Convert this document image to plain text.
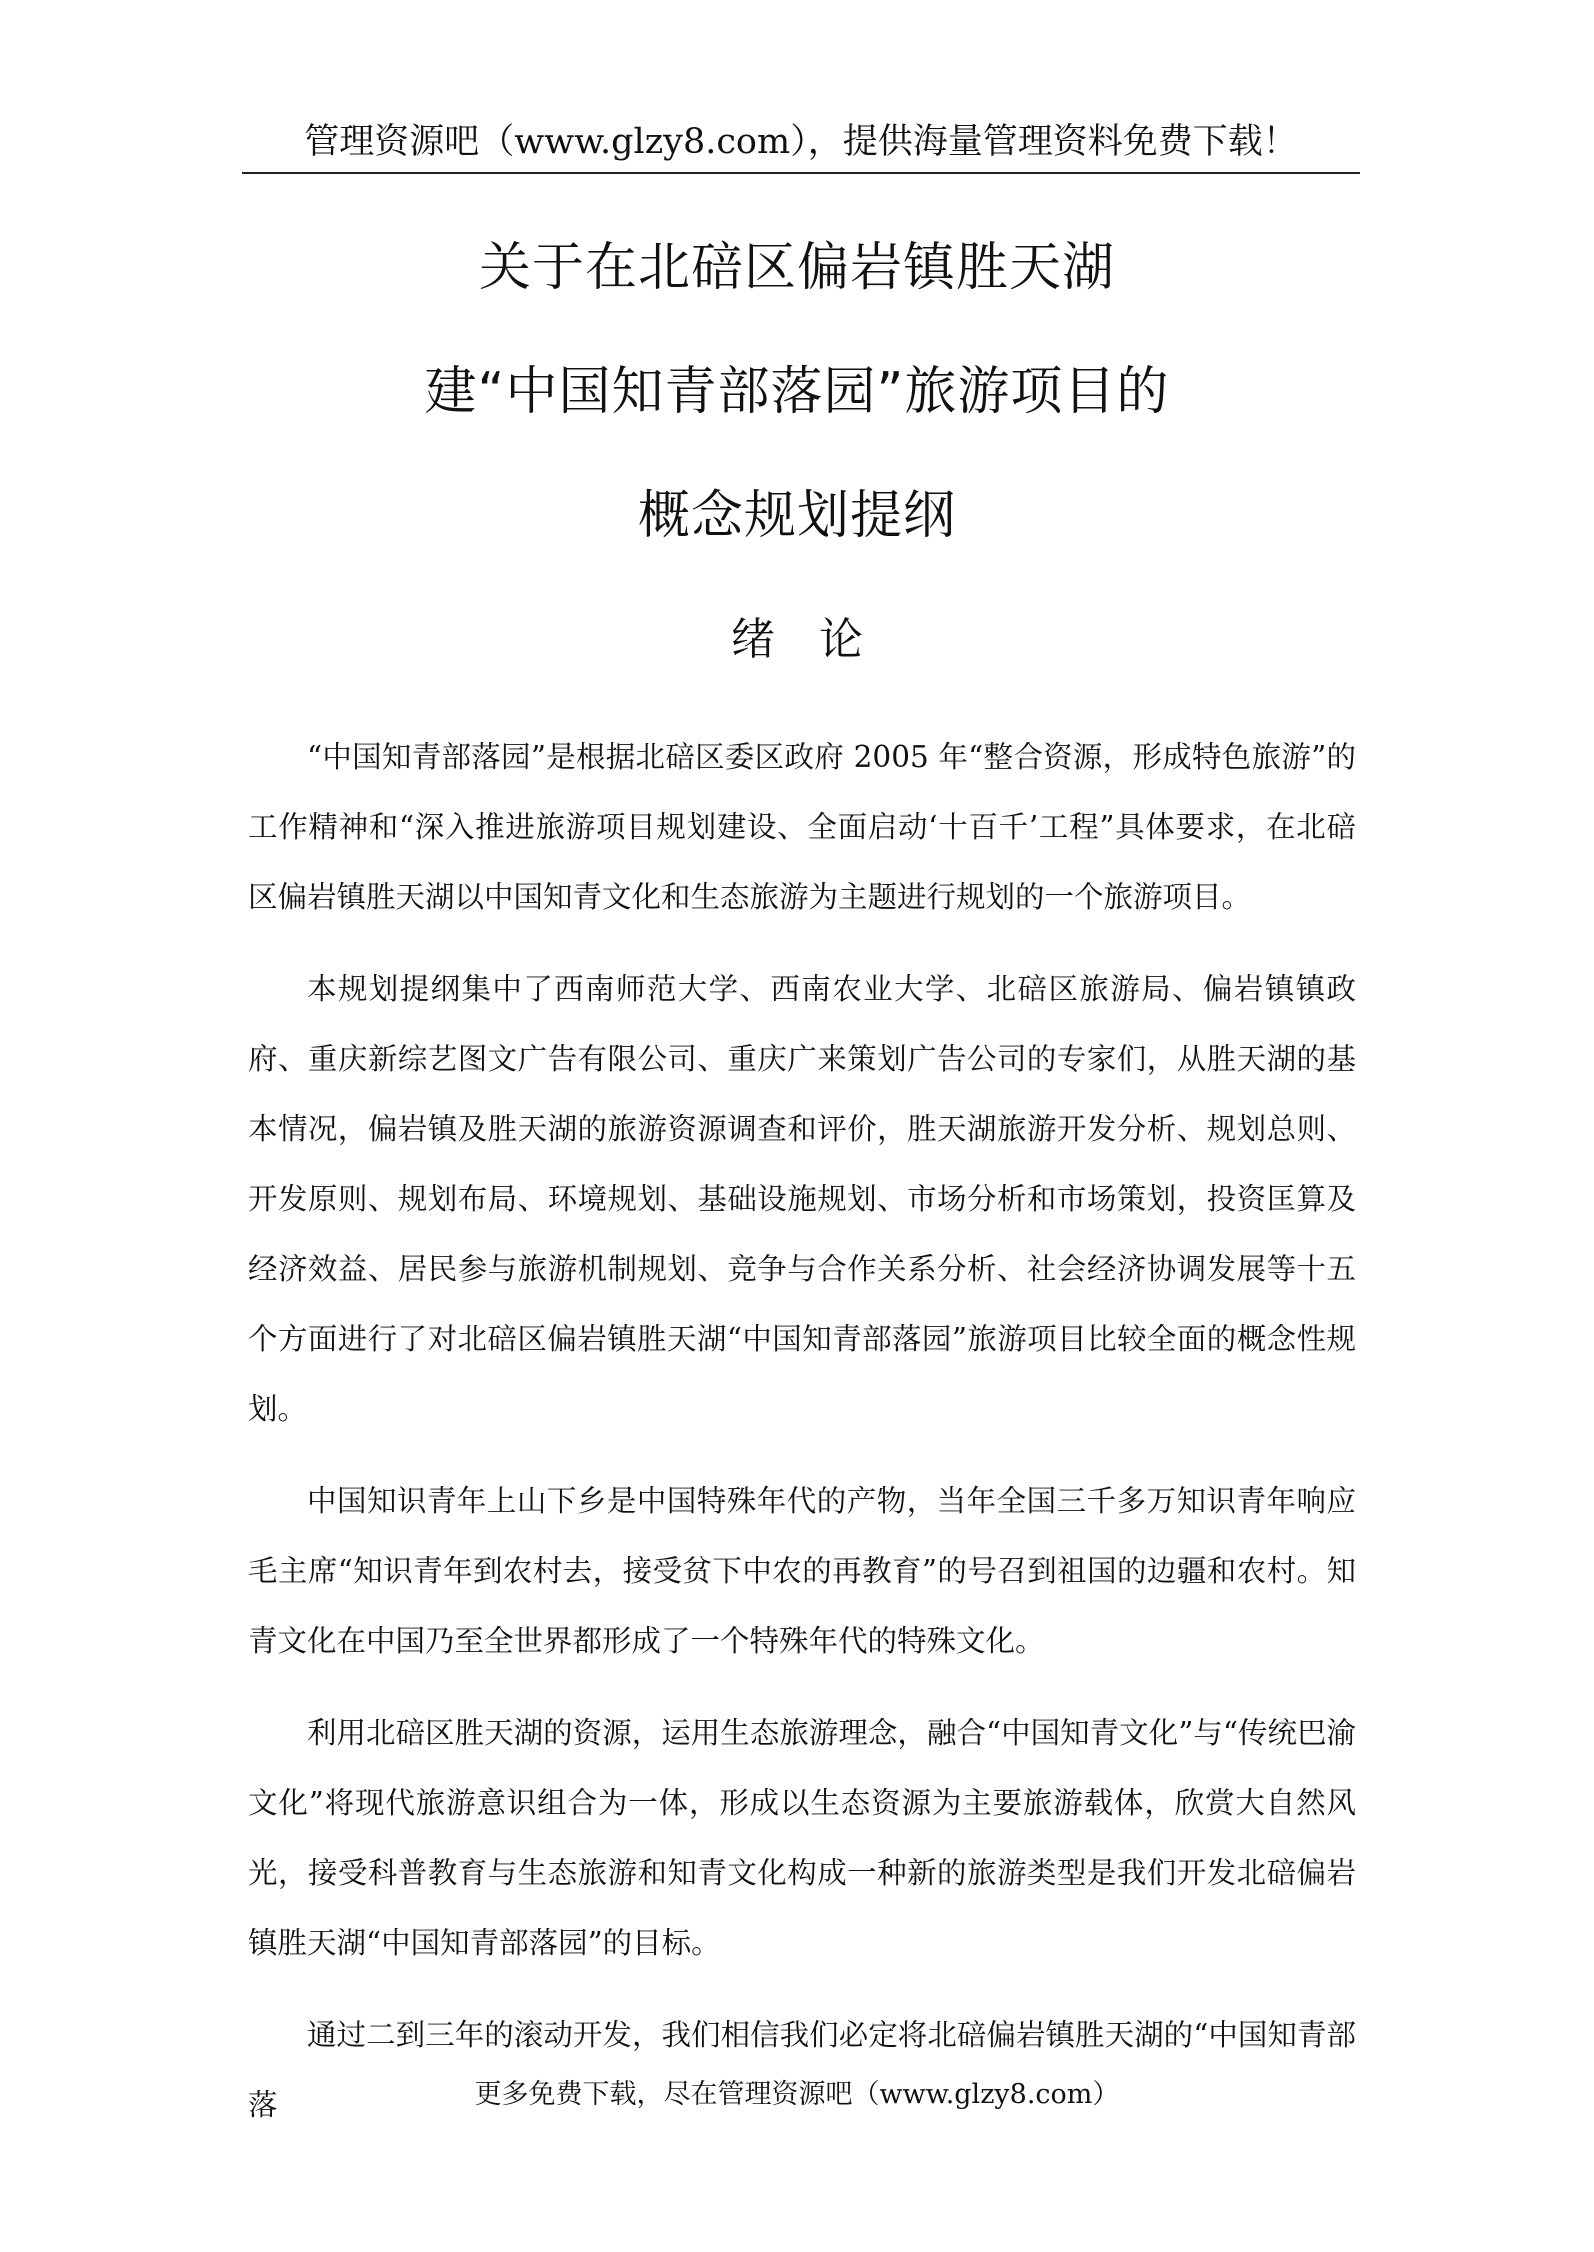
管理资源吧（www.glzy8.com），提供海量管理资料免费下载！
关于在北碚区偏岩镇胜天湖
建“中国知青部落园”旅游项目的
概念规划提纲
绪论

“中国知青部落园”是根据北碚区委区政府 2005 年“整合资源，形成特色旅游”的工作精神和“深入推进旅游项目规划建设、全面启动‘十百千’工程”具体要求，在北碚区偏岩镇胜天湖以中国知青文化和生态旅游为主题进行规划的一个旅游项目。

本规划提纲集中了西南师范大学、西南农业大学、北碚区旅游局、偏岩镇镇政府、重庆新综艺图文广告有限公司、重庆广来策划广告公司的专家们，从胜天湖的基本情况，偏岩镇及胜天湖的旅游资源调查和评价，胜天湖旅游开发分析、规划总则、开发原则、规划布局、环境规划、基础设施规划、市场分析和市场策划，投资匡算及经济效益、居民参与旅游机制规划、竞争与合作关系分析、社会经济协调发展等十五个方面进行了对北碚区偏岩镇胜天湖“中国知青部落园”旅游项目比较全面的概念性规划。

中国知识青年上山下乡是中国特殊年代的产物，当年全国三千多万知识青年响应毛主席“知识青年到农村去，接受贫下中农的再教育”的号召到祖国的边疆和农村。知青文化在中国乃至全世界都形成了一个特殊年代的特殊文化。

利用北碚区胜天湖的资源，运用生态旅游理念，融合“中国知青文化”与“传统巴渝文化”将现代旅游意识组合为一体，形成以生态资源为主要旅游载体，欣赏大自然风光，接受科普教育与生态旅游和知青文化构成一种新的旅游类型是我们开发北碚偏岩镇胜天湖“中国知青部落园”的目标。

通过二到三年的滚动开发，我们相信我们必定将北碚偏岩镇胜天湖的“中国知青部落	更多免费下载，尽在管理资源吧（www.glzy8.com）
